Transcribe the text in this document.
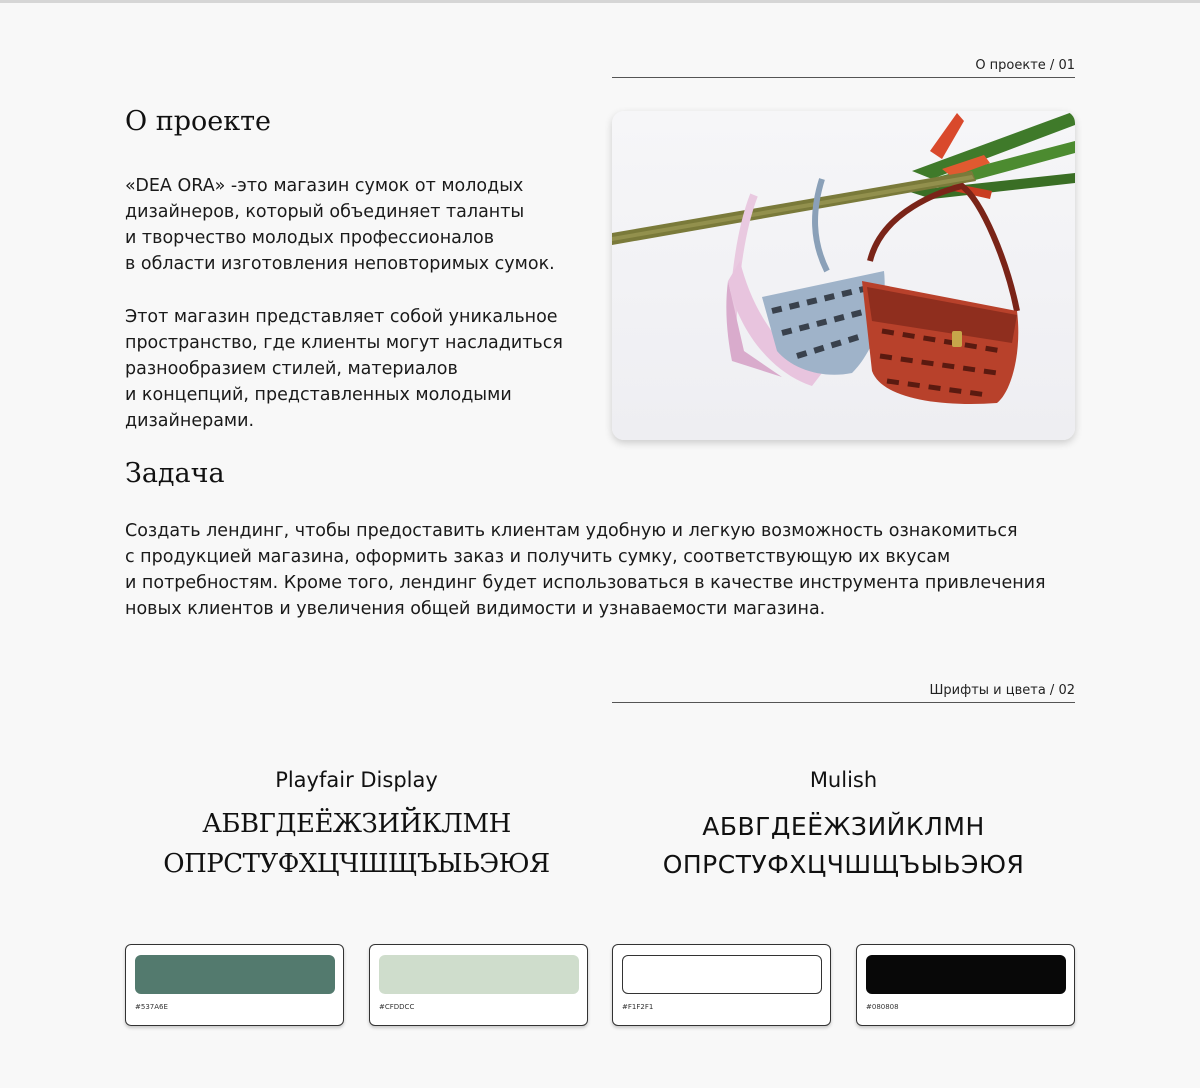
О проекте / 01
О проекте

«DEA ORA» -это магазин сумок от молодых
дизайнеров, который объединяет таланты
и творчество молодых профессионалов
в области изготовления неповторимых сумок.

Этот магазин представляет собой уникальное
пространство, где клиенты могут насладиться
разнообразием стилей, материалов
и концепций, представленных молодыми
дизайнерами.

Задача

Создать лендинг, чтобы предоставить клиентам удобную и легкую возможность ознакомиться
с продукцией магазина, оформить заказ и получить сумку, соответствующую их вкусам
и потребностям. Кроме того, лендинг будет использоваться в качестве инструмента привлечения
новых клиентов и увеличения общей видимости и узнаваемости магазина.

Шрифты и цвета / 02
Playfair Display
АБВГДЕЁЖЗИЙКЛМН
ОПРСТУФХЦЧШЩЪЫЬЭЮЯ
Mulish
АБВГДЕЁЖЗИЙКЛМН
ОПРСТУФХЦЧШЩЪЫЬЭЮЯ
#537A6E	#CFDDCC	#F1F2F1	#080808
